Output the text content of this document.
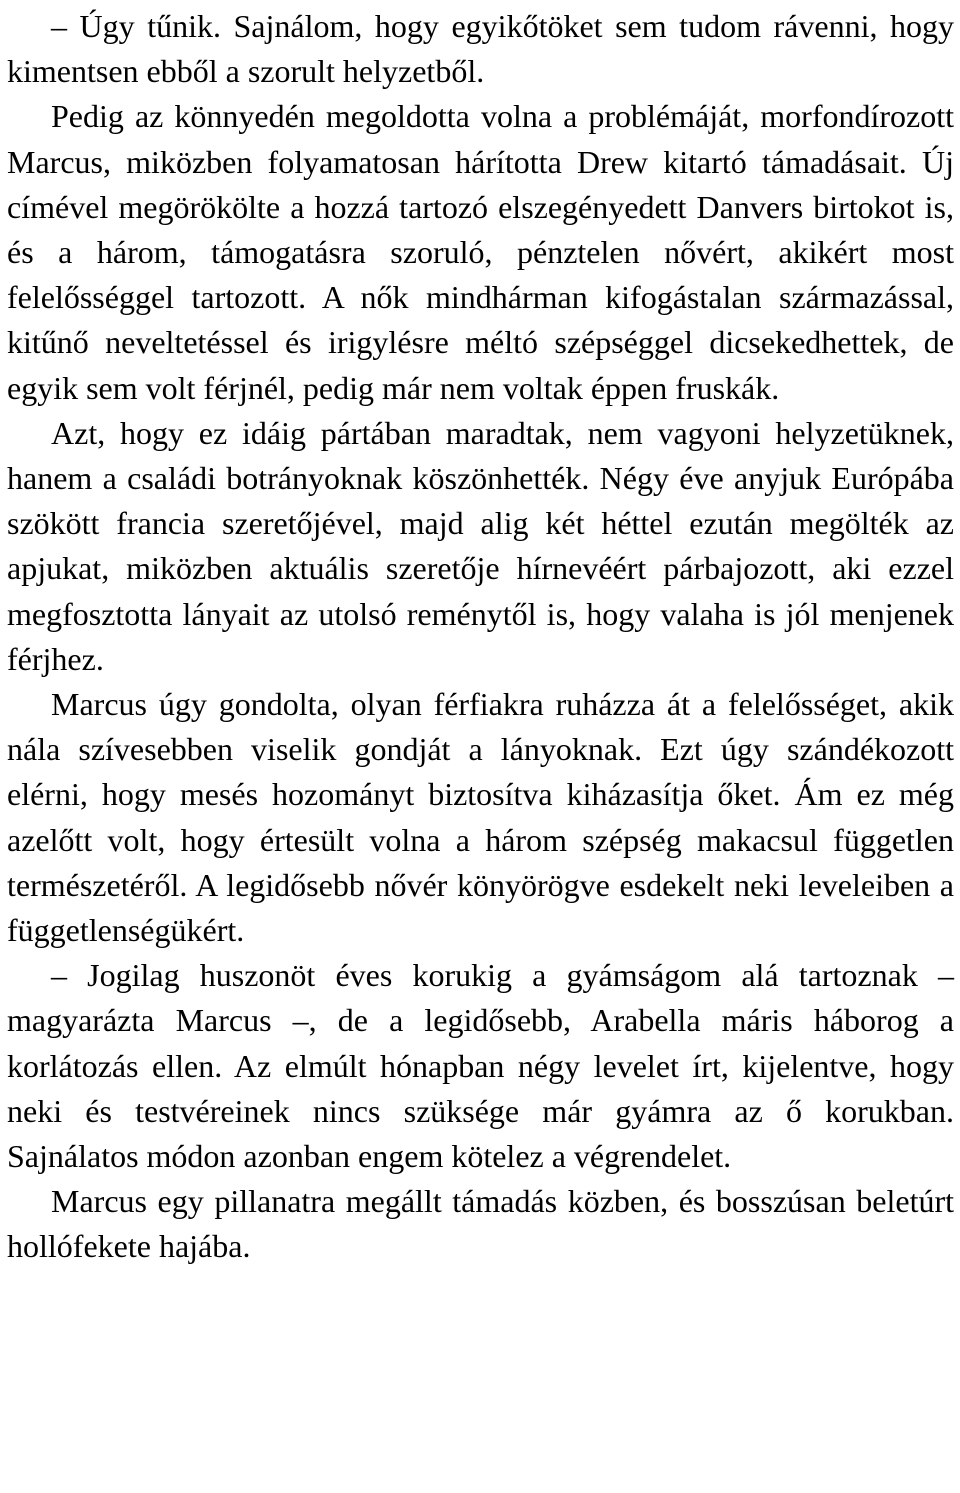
– Úgy tűnik. Sajnálom, hogy egyikőtöket sem tudom rávenni, hogy kimentsen ebből a szorult helyzetből.

Pedig az könnyedén megoldotta volna a problémáját, morfondírozott Marcus, miközben folyamatosan hárította Drew kitartó támadásait. Új címével megörökölte a hozzá tartozó elszegényedett Danvers birtokot is, és a három, támogatásra szoruló, pénztelen nővért, akikért most felelősséggel tartozott. A nők mindhárman kifogástalan származással, kitűnő neveltetéssel és irigylésre méltó szépséggel dicsekedhettek, de egyik sem volt férjnél, pedig már nem voltak éppen fruskák.

Azt, hogy ez idáig pártában maradtak, nem vagyoni helyzetüknek, hanem a családi botrányoknak köszönhették. Négy éve anyjuk Európába szökött francia szeretőjével, majd alig két héttel ezután megölték az apjukat, miközben aktuális szeretője hírnevéért párbajozott, aki ezzel megfosztotta lányait az utolsó reménytől is, hogy valaha is jól menjenek férjhez.

Marcus úgy gondolta, olyan férfiakra ruházza át a felelősséget, akik nála szívesebben viselik gondját a lányoknak. Ezt úgy szándékozott elérni, hogy mesés hozományt biztosítva kiházasítja őket. Ám ez még azelőtt volt, hogy értesült volna a három szépség makacsul független természetéről. A legidősebb nővér könyörögve esdekelt neki leveleiben a függetlenségükért.

– Jogilag huszonöt éves korukig a gyámságom alá tartoznak – magyarázta Marcus –, de a legidősebb, Arabella máris háborog a korlátozás ellen. Az elmúlt hónapban négy levelet írt, kijelentve, hogy neki és testvéreinek nincs szüksége már gyámra az ő korukban. Sajnálatos módon azonban engem kötelez a végrendelet.

Marcus egy pillanatra megállt támadás közben, és bosszúsan beletúrt hollófekete hajába.
